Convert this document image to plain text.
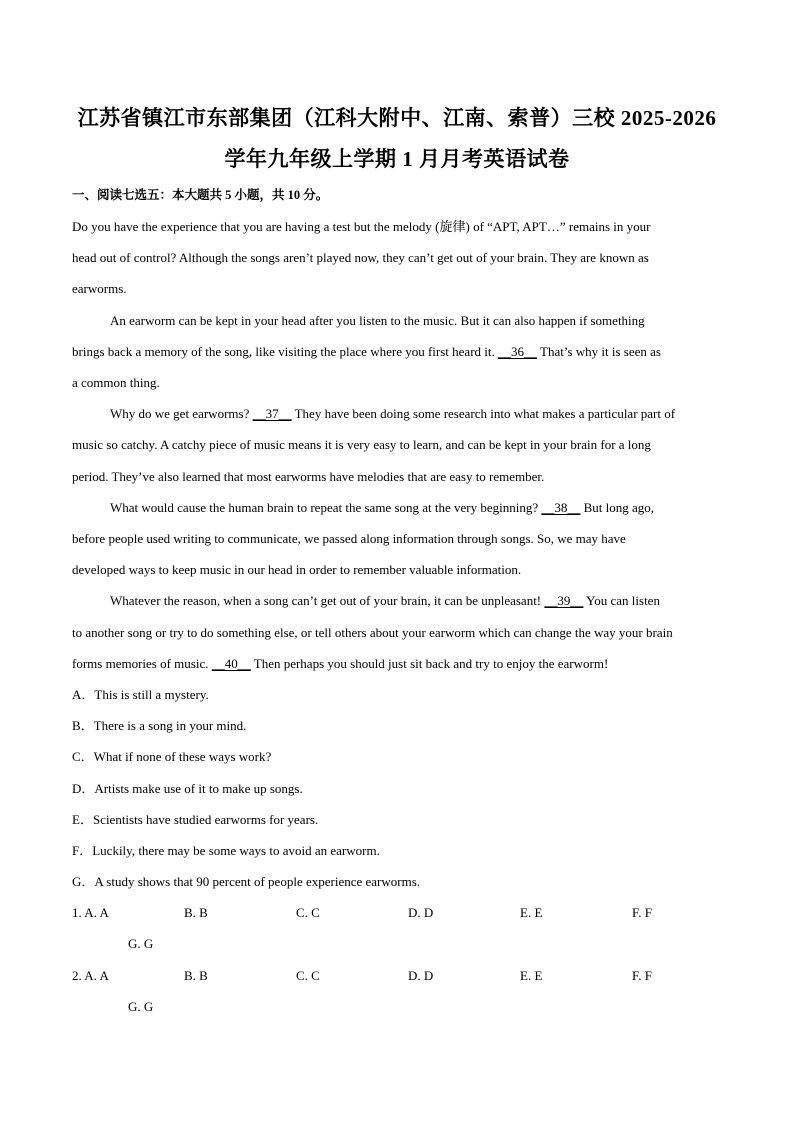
江苏省镇江市东部集团（江科大附中、江南、索普）三校 2025-2026
学年九年级上学期 1 月月考英语试卷
一、阅读七选五：本大题共 5 小题，共 10 分。
Do you have the experience that you are having a test but the melody (旋律) of “APT, APT…” remains in your
head out of control? Although the songs aren’t played now, they can’t get out of your brain. They are known as
earworms.
An earworm can be kept in your head after you listen to the music. But it can also happen if something
brings back a memory of the song, like visiting the place where you first heard it. __36__ That’s why it is seen as
a common thing.
Why do we get earworms? __37__ They have been doing some research into what makes a particular part of
music so catchy. A catchy piece of music means it is very easy to learn, and can be kept in your brain for a long
period. They’ve also learned that most earworms have melodies that are easy to remember.
What would cause the human brain to repeat the same song at the very beginning? __38__ But long ago,
before people used writing to communicate, we passed along information through songs. So, we may have
developed ways to keep music in our head in order to remember valuable information.
Whatever the reason, when a song can’t get out of your brain, it can be unpleasant! __39__ You can listen
to another song or try to do something else, or tell others about your earworm which can change the way your brain
forms memories of music. __40__ Then perhaps you should just sit back and try to enjoy the earworm!
A．This is still a mystery.
B．There is a song in your mind.
C．What if none of these ways work?
D．Artists make use of it to make up songs.
E．Scientists have studied earworms for years.
F．Luckily, there may be some ways to avoid an earworm.
G．A study shows that 90 percent of people experience earworms.
1. A. A	B. B	C. C	D. D	E. E	F. F
G. G
2. A. A	B. B	C. C	D. D	E. E	F. F
G. G
